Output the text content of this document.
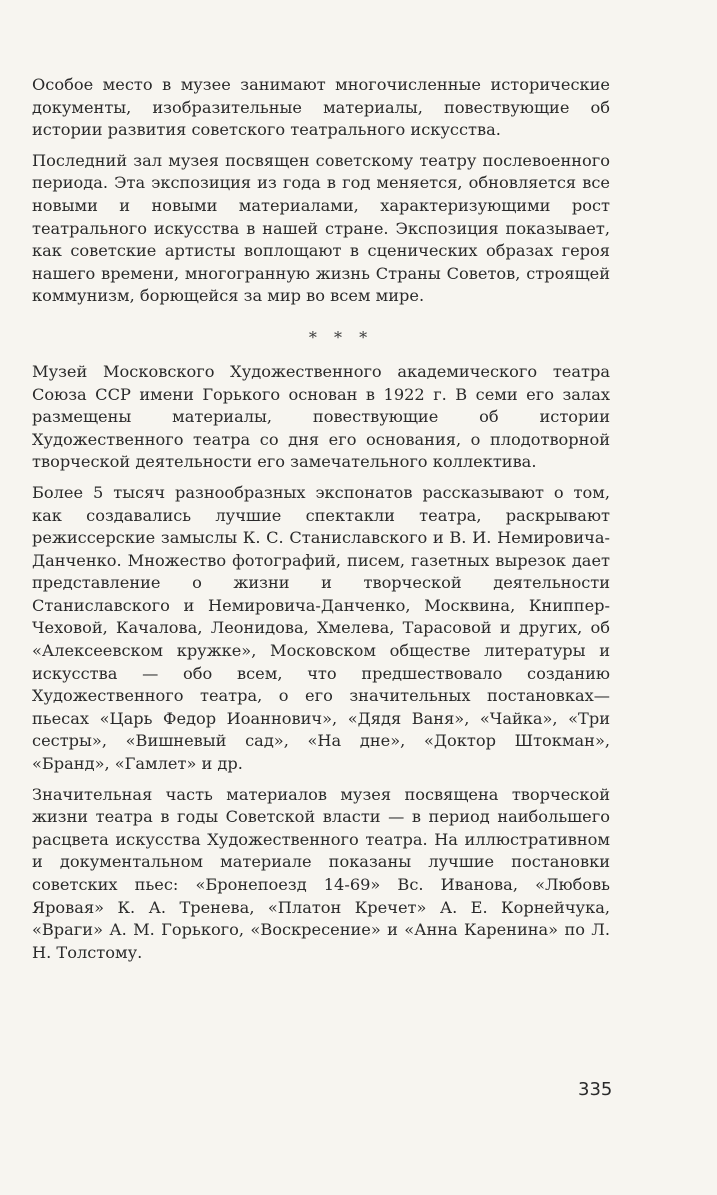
Особое место в музее занимают многочисленные исторические документы, изобразительные материалы, повествующие об истории развития советского театрального искусства.

Последний зал музея посвящен советскому театру послевоенного периода. Эта экспозиция из года в год меняется, обновляется все новыми и новыми материалами, характеризующими рост театрального искусства в нашей стране. Экспозиция показывает, как советские артисты воплощают в сценических образах героя нашего времени, многогранную жизнь Страны Советов, строящей коммунизм, борющейся за мир во всем мире.

* * *

Музей Московского Художественного академического театра Союза ССР имени Горького основан в 1922 г. В семи его залах размещены материалы, повествующие об истории Художественного театра со дня его основания, о плодотворной творческой деятельности его замечательного коллектива.

Более 5 тысяч разнообразных экспонатов рассказывают о том, как создавались лучшие спектакли театра, раскрывают режиссерские замыслы К. С. Станиславского и В. И. Немировича-Данченко. Множество фотографий, писем, газетных вырезок дает представление о жизни и творческой деятельности Станиславского и Немировича-Данченко, Москвина, Книппер-Чеховой, Качалова, Леонидова, Хмелева, Тарасовой и других, об «Алексеевском кружке», Московском обществе литературы и искусства — обо всем, что предшествовало созданию Художественного театра, о его значительных постановках—пьесах «Царь Федор Иоаннович», «Дядя Ваня», «Чайка», «Три сестры», «Вишневый сад», «На дне», «Доктор Штокман», «Бранд», «Гамлет» и др.

Значительная часть материалов музея посвящена творческой жизни театра в годы Советской власти — в период наибольшего расцвета искусства Художественного театра. На иллюстративном и документальном материале показаны лучшие постановки советских пьес: «Бронепоезд 14-69» Вс. Иванова, «Любовь Яровая» К. А. Тренева, «Платон Кречет» А. Е. Корнейчука, «Враги» А. М. Горького, «Воскресение» и «Анна Каренина» по Л. Н. Толстому.

335
